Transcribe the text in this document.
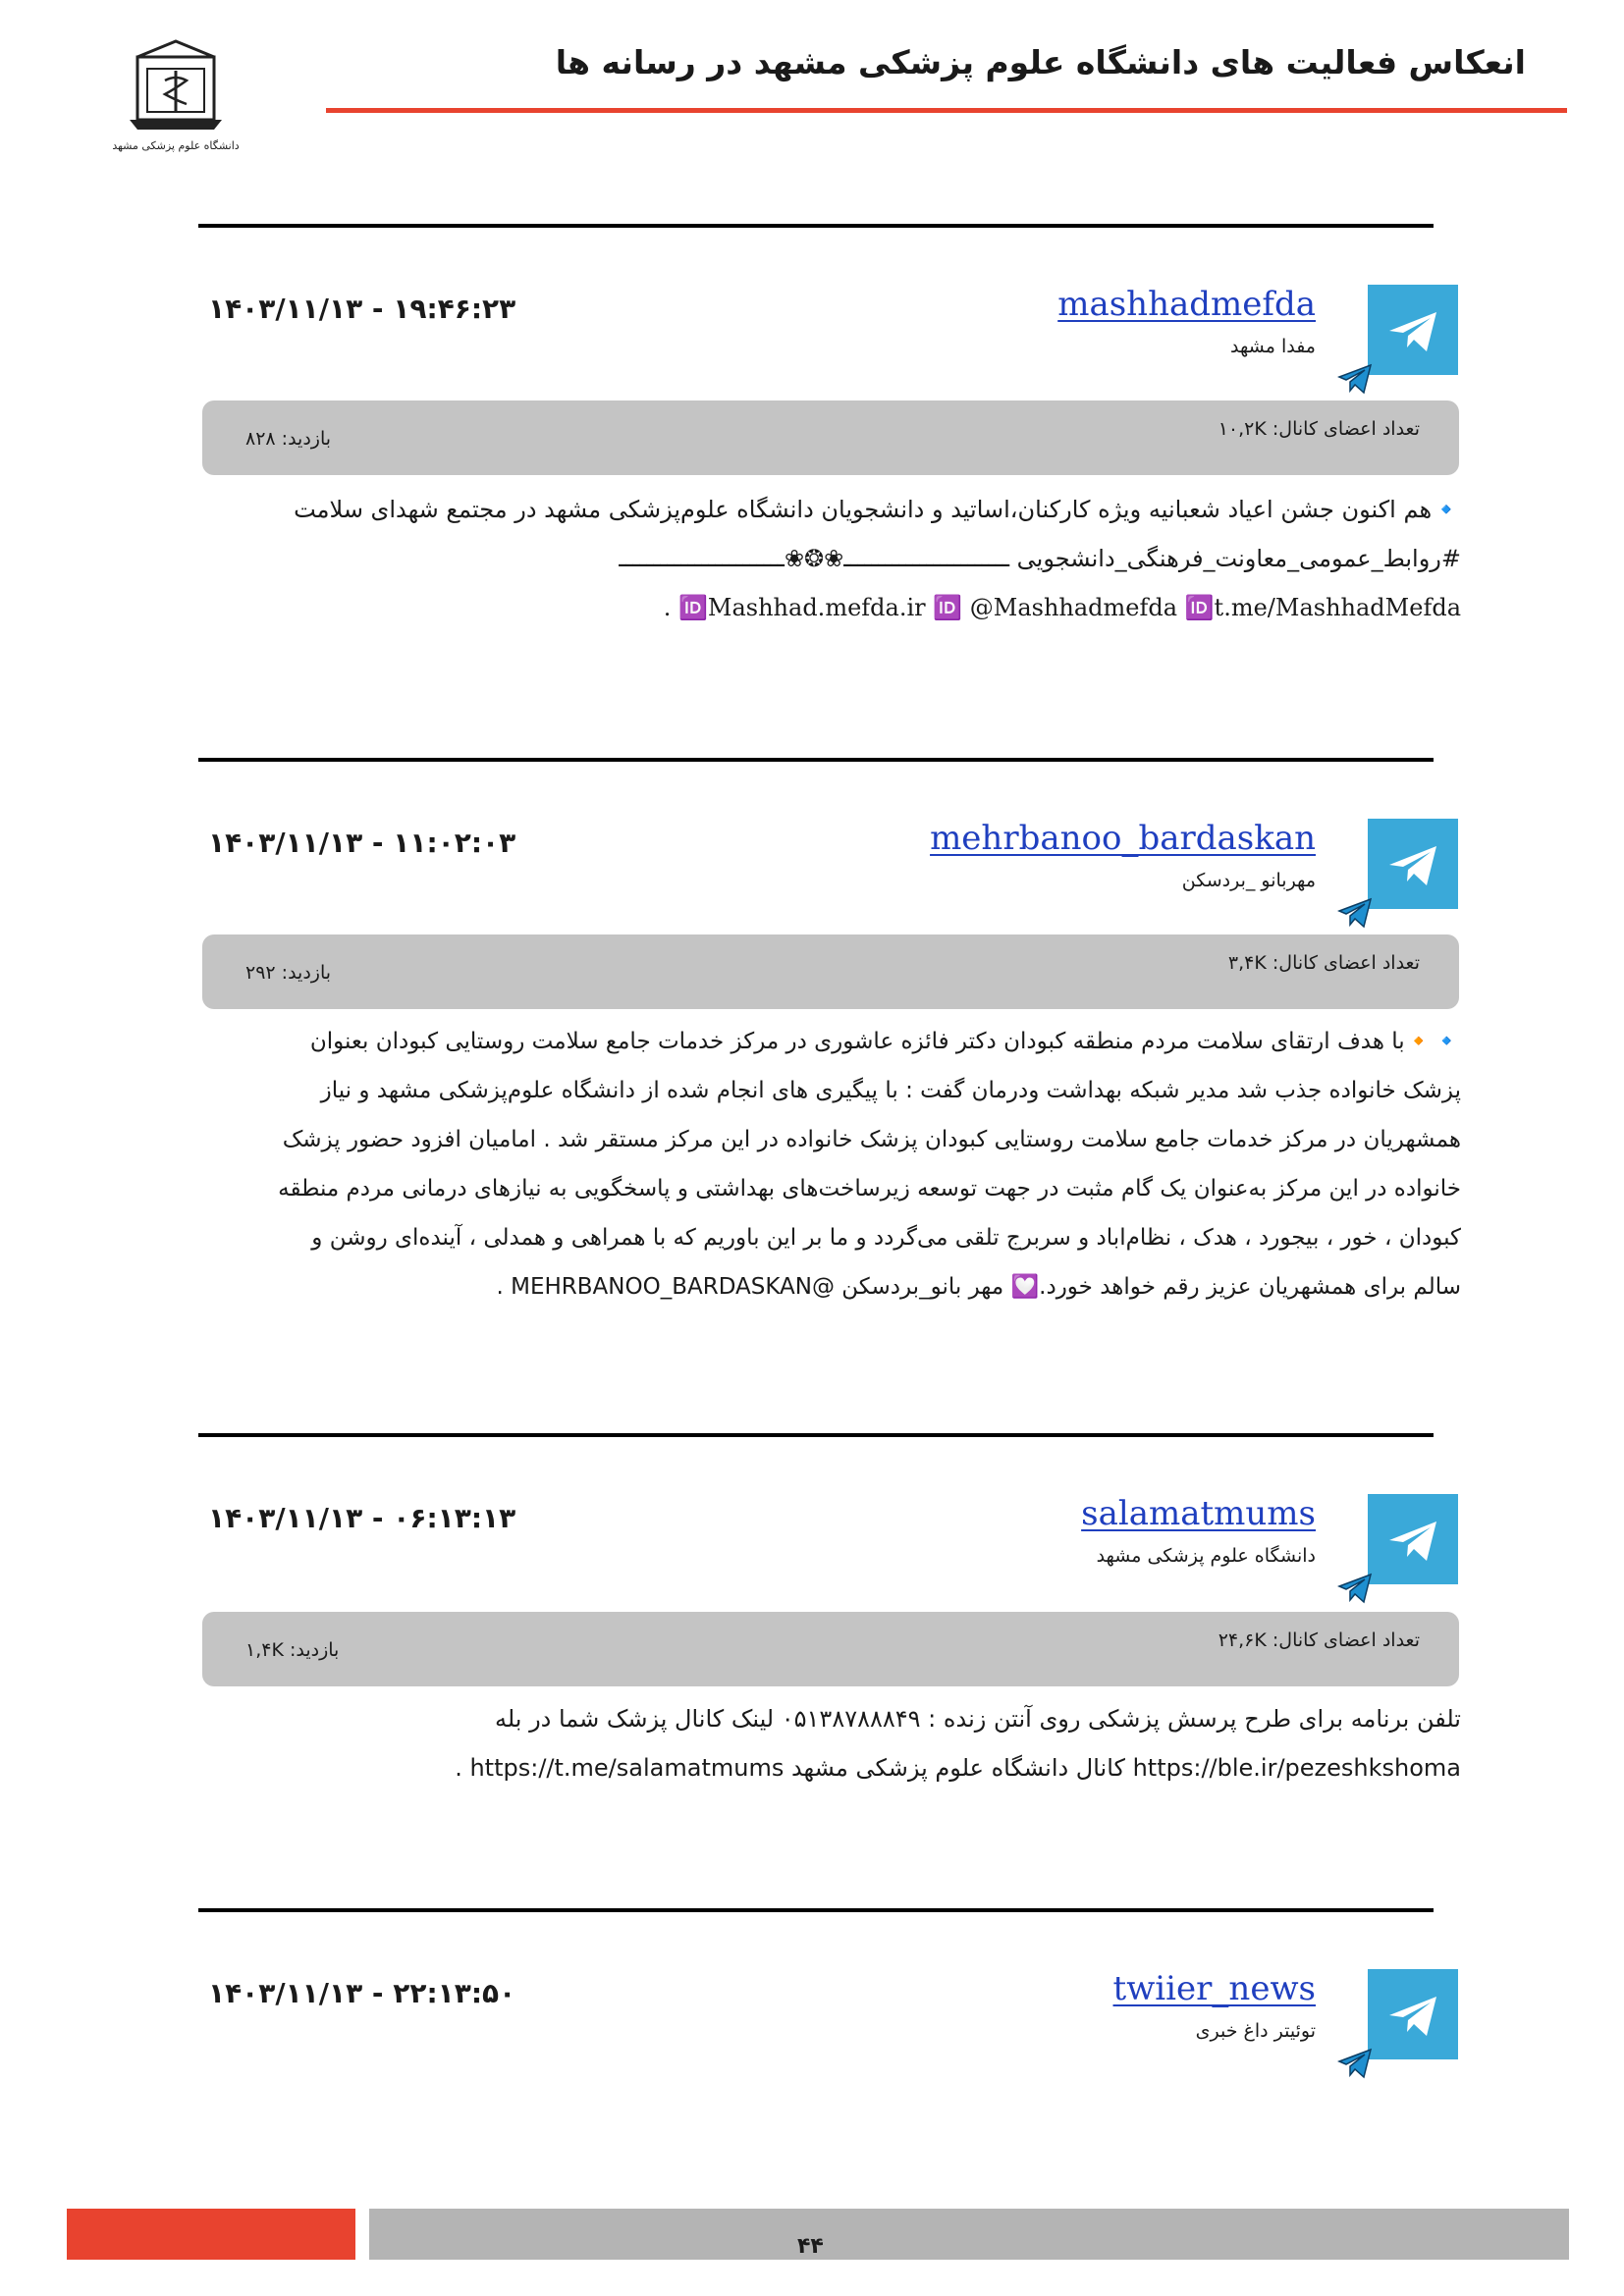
انعکاس فعالیت های دانشگاه علوم پزشکی مشهد در رسانه ها
دانشگاه علوم پزشکی مشهد
mashhadmefda
مفدا مشهد
۱۴۰۳/۱۱/۱۳ - ۱۹:۴۶:۲۳
تعداد اعضای کانال: ۱۰,۲K
بازدید: ۸۲۸
🔹هم اکنون جشن اعیاد شعبانیه ویژه کارکنان،اساتید و دانشجویان دانشگاه علوم‌پزشکی مشهد در مجتمع شهدای سلامت
#روابط_عمومی_معاونت_فرهنگی_دانشجویی ‎‎‏‎‏ــــــــــــــــــــــــ❀❂❀ــــــــــــــــــــــــ
🆔Mashhad.mefda.ir 🆔 @Mashhadmefda 🆔t.me/MashhadMefda .
mehrbanoo_bardaskan
مهربانو _بردسکن
۱۴۰۳/۱۱/۱۳ - ۱۱:۰۲:۰۳
تعداد اعضای کانال: ۳,۴K
بازدید: ۲۹۲
🔹🔸با هدف ارتقای سلامت مردم منطقه کبودان دکتر فائزه عاشوری در مرکز خدمات جامع سلامت روستایی کبودان بعنوان
پزشک خانواده جذب شد مدیر شبکه بهداشت ودرمان گفت : با پیگیری های انجام شده از دانشگاه علوم‌پزشکی مشهد و نیاز
همشهریان در مرکز خدمات جامع سلامت روستایی کبودان پزشک خانواده در این مرکز مستقر شد . امامیان افزود حضور پزشک
خانواده در این مرکز به‌عنوان یک گام مثبت در جهت توسعه زیرساخت‌های بهداشتی و پاسخگویی به نیازهای درمانی مردم منطقه
کبودان ، خور ، بیجورد ، هدک ، نظام‌اباد و سربرج تلقی می‌گردد و ما بر این باوریم که با همراهی و همدلی ، آینده‌ای روشن و
سالم برای همشهریان عزیز رقم خواهد خورد.💟 مهر بانو_بردسکن @MEHRBANOO_BARDASKAN .
salamatmums
دانشگاه علوم پزشکی مشهد
۱۴۰۳/۱۱/۱۳ - ۰۶:۱۳:۱۳
تعداد اعضای کانال: ۲۴,۶K
بازدید: ۱,۴K
تلفن برنامه برای طرح پرسش پزشکی روی آنتن زنده : ۰۵۱۳۸۷۸۸۸۴۹ لینک کانال پزشک شما در بله
https://ble.ir/pezeshkshoma کانال دانشگاه علوم پزشکی مشهد https://t.me/salamatmums .
twiier_news
توئیتر داغ خبری
۱۴۰۳/۱۱/۱۳ - ۲۲:۱۳:۵۰
۴۴
